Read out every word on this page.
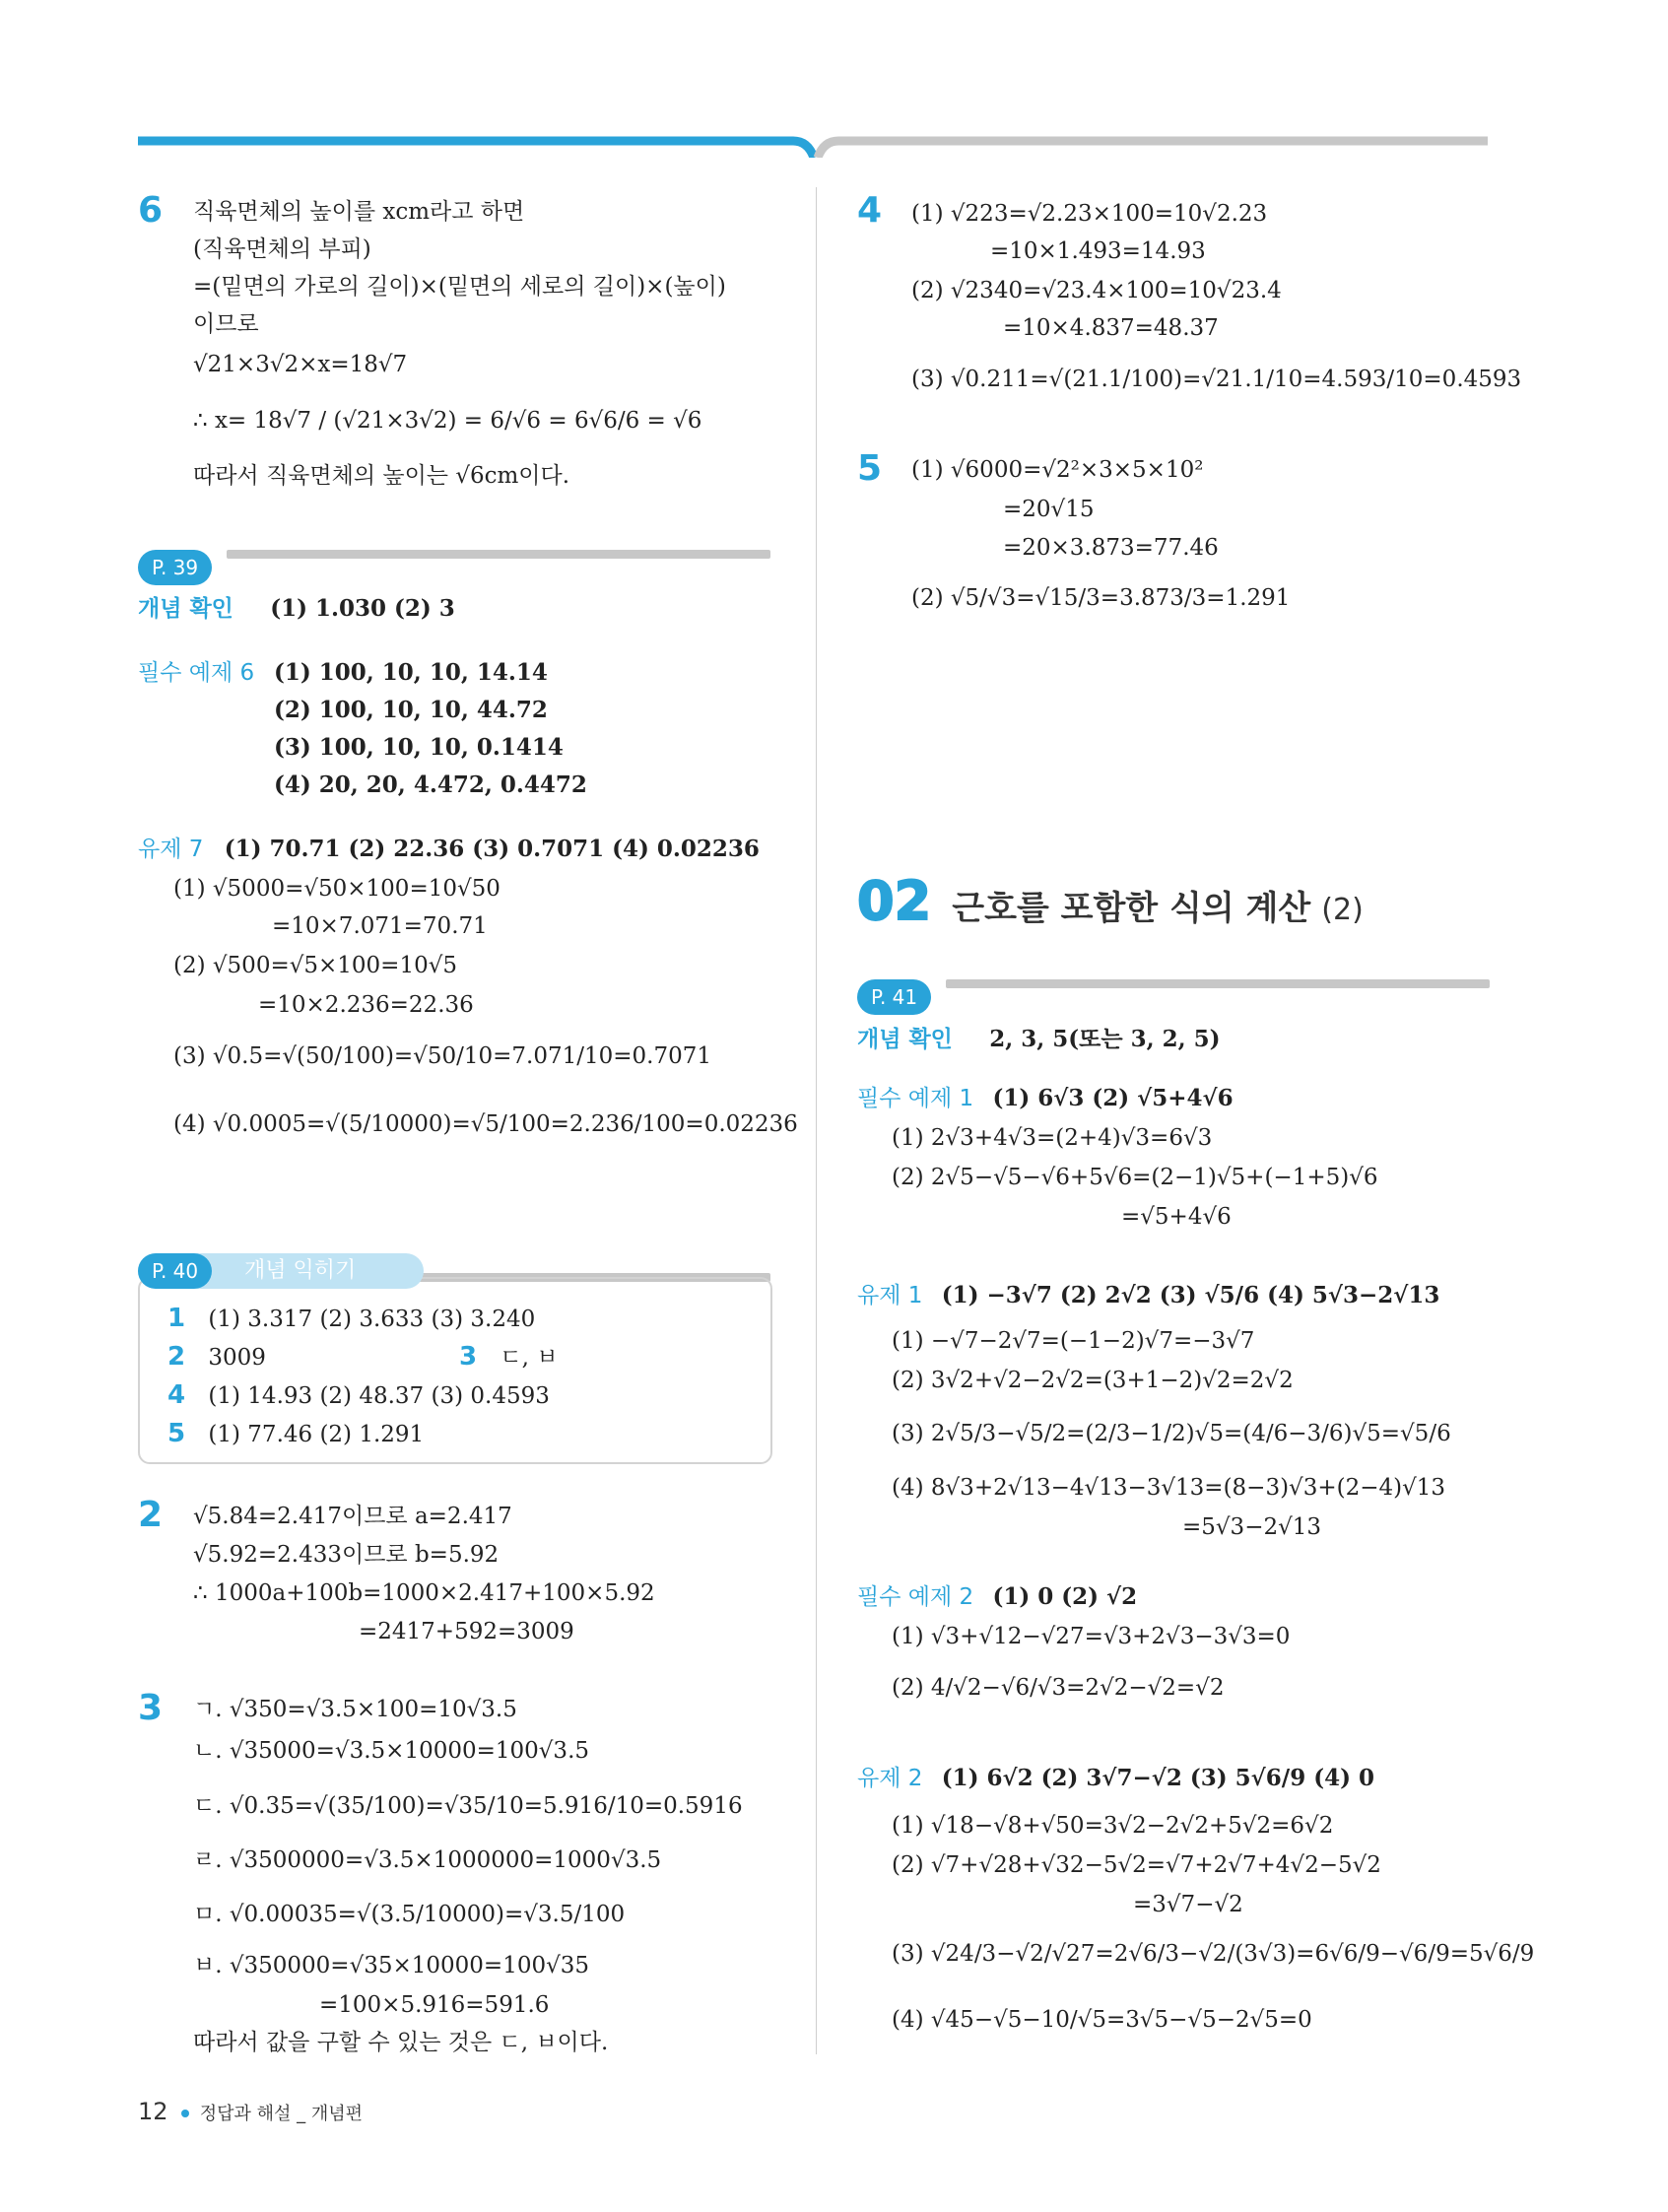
6 직육면체의 높이를 xcm라고 하면
(직육면체의 부피)
=(밑면의 가로의 길이)×(밑면의 세로의 길이)×(높이)
이므로
√21×3√2×x=18√7
∴ x= 18√7 / (√21×3√2) = 6/√6 = 6√6/6 = √6
따라서 직육면체의 높이는 √6cm이다.
P. 39
개념 확인 (1) 1.030 (2) 3
필수 예제 6 (1) 100, 10, 10, 14.14
(2) 100, 10, 10, 44.72
(3) 100, 10, 10, 0.1414
(4) 20, 20, 4.472, 0.4472
유제 7 (1) 70.71 (2) 22.36 (3) 0.7071 (4) 0.02236
(1) √5000=√50×100=10√50
=10×7.071=70.71
(2) √500=√5×100=10√5
=10×2.236=22.36
(3) √0.5=√(50/100)=√50/10=7.071/10=0.7071
(4) √0.0005=√(5/10000)=√5/100=2.236/100=0.02236
P. 40	개념 익히기
1 (1) 3.317 (2) 3.633 (3) 3.240
2 3009	3 ㄷ, ㅂ
4 (1) 14.93 (2) 48.37 (3) 0.4593
5 (1) 77.46 (2) 1.291
2 √5.84=2.417이므로 a=2.417
√5.92=2.433이므로 b=5.92
∴ 1000a+100b=1000×2.417+100×5.92
=2417+592=3009
3 ㄱ. √350=√3.5×100=10√3.5
ㄴ. √35000=√3.5×10000=100√3.5
ㄷ. √0.35=√(35/100)=√35/10=5.916/10=0.5916
ㄹ. √3500000=√3.5×1000000=1000√3.5
ㅁ. √0.00035=√(3.5/10000)=√3.5/100
ㅂ. √350000=√35×10000=100√35
=100×5.916=591.6
따라서 값을 구할 수 있는 것은 ㄷ, ㅂ이다.
4 (1) √223=√2.23×100=10√2.23
=10×1.493=14.93
(2) √2340=√23.4×100=10√23.4
=10×4.837=48.37
(3) √0.211=√(21.1/100)=√21.1/10=4.593/10=0.4593
5 (1) √6000=√2²×3×5×10²
=20√15
=20×3.873=77.46
(2) √5/√3=√15/3=3.873/3=1.291
02 근호를 포함한 식의 계산 (2)
P. 41
개념 확인 2, 3, 5(또는 3, 2, 5)
필수 예제 1 (1) 6√3 (2) √5+4√6
(1) 2√3+4√3=(2+4)√3=6√3
(2) 2√5−√5−√6+5√6=(2−1)√5+(−1+5)√6
=√5+4√6
유제 1 (1) −3√7 (2) 2√2 (3) √5/6 (4) 5√3−2√13
(1) −√7−2√7=(−1−2)√7=−3√7
(2) 3√2+√2−2√2=(3+1−2)√2=2√2
(3) 2√5/3−√5/2=(2/3−1/2)√5=(4/6−3/6)√5=√5/6
(4) 8√3+2√13−4√13−3√13=(8−3)√3+(2−4)√13
=5√3−2√13
필수 예제 2 (1) 0 (2) √2
(1) √3+√12−√27=√3+2√3−3√3=0
(2) 4/√2−√6/√3=2√2−√2=√2
유제 2 (1) 6√2 (2) 3√7−√2 (3) 5√6/9 (4) 0
(1) √18−√8+√50=3√2−2√2+5√2=6√2
(2) √7+√28+√32−5√2=√7+2√7+4√2−5√2
=3√7−√2
(3) √24/3−√2/√27=2√6/3−√2/(3√3)=6√6/9−√6/9=5√6/9
(4) √45−√5−10/√5=3√5−√5−2√5=0
12 정답과 해설 _ 개념편
